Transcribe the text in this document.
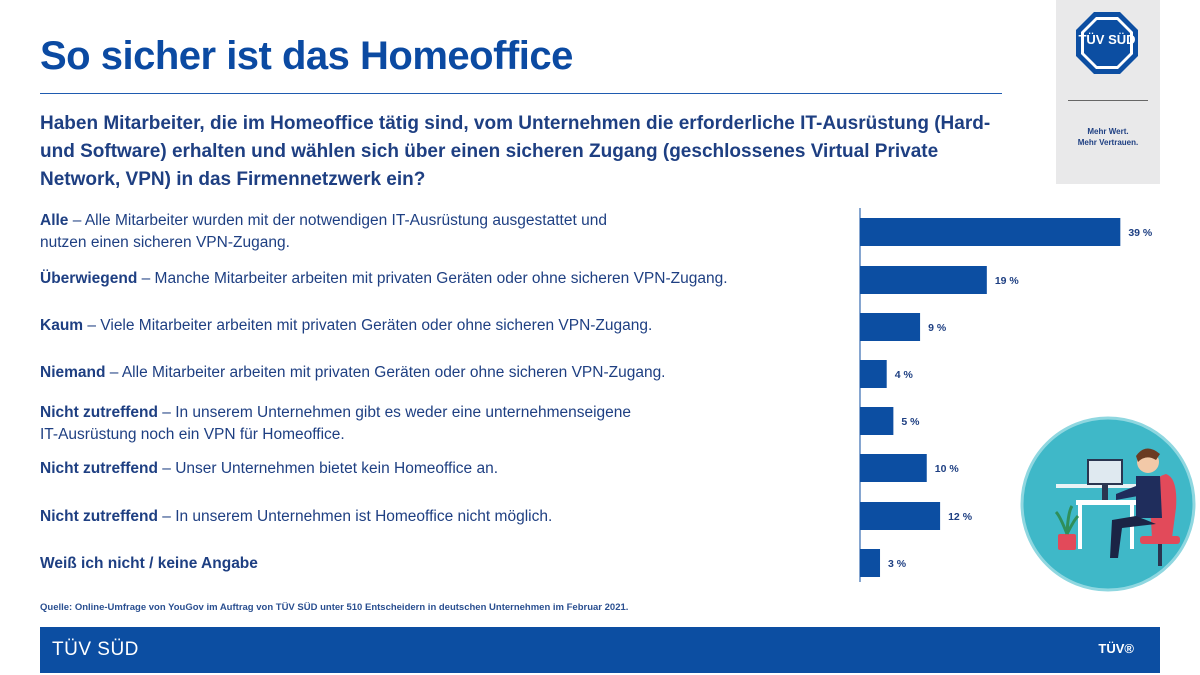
So sicher ist das Homeoffice
Haben Mitarbeiter, die im Homeoffice tätig sind, vom Unternehmen die erforderliche IT-Ausrüstung (Hard- und Software) erhalten und wählen sich über einen sicheren Zugang (geschlossenes Virtual Private Network, VPN) in das Firmennetzwerk ein?
TÜV SÜD
Mehr Wert.
Mehr Vertrauen.
Alle – Alle Mitarbeiter wurden mit der notwendigen IT-Ausrüstung ausgestattet und
nutzen einen sicheren VPN-Zugang.
Überwiegend – Manche Mitarbeiter arbeiten mit privaten Geräten oder ohne sicheren VPN-Zugang.
Kaum – Viele Mitarbeiter arbeiten mit privaten Geräten oder ohne sicheren VPN-Zugang.
Niemand – Alle Mitarbeiter arbeiten mit privaten Geräten oder ohne sicheren VPN-Zugang.
Nicht zutreffend – In unserem Unternehmen gibt es weder eine unternehmenseigene
IT-Ausrüstung noch ein VPN für Homeoffice.
Nicht zutreffend – Unser Unternehmen bietet kein Homeoffice an.
Nicht zutreffend – In unserem Unternehmen ist Homeoffice nicht möglich.
Weiß ich nicht / keine Angabe
39 %
19 %
9 %
4 %
5 %
10 %
12 %
3 %
Quelle: Online-Umfrage von YouGov im Auftrag von TÜV SÜD unter 510 Entscheidern in deutschen Unternehmen im Februar 2021.
TÜV SÜD	TÜV®
